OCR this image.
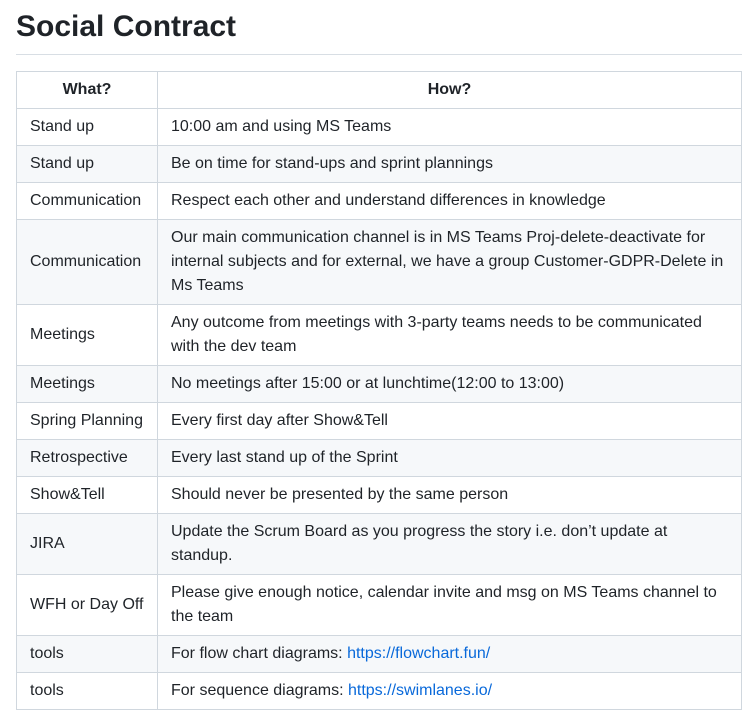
Social Contract
What?	How?
Stand up	10:00 am and using MS Teams
Stand up	Be on time for stand-ups and sprint plannings
Communication	Respect each other and understand differences in knowledge
Communication	Our main communication channel is in MS Teams Proj-delete-deactivate for internal subjects and for external, we have a group Customer-GDPR-Delete in Ms Teams
Meetings	Any outcome from meetings with 3-party teams needs to be communicated with the dev team
Meetings	No meetings after 15:00 or at lunchtime(12:00 to 13:00)
Spring Planning	Every first day after Show&Tell
Retrospective	Every last stand up of the Sprint
Show&Tell	Should never be presented by the same person
JIRA	Update the Scrum Board as you progress the story i.e. don’t update at standup.
WFH or Day Off	Please give enough notice, calendar invite and msg on MS Teams channel to the team
tools	For flow chart diagrams: https://flowchart.fun/
tools	For sequence diagrams: https://swimlanes.io/
